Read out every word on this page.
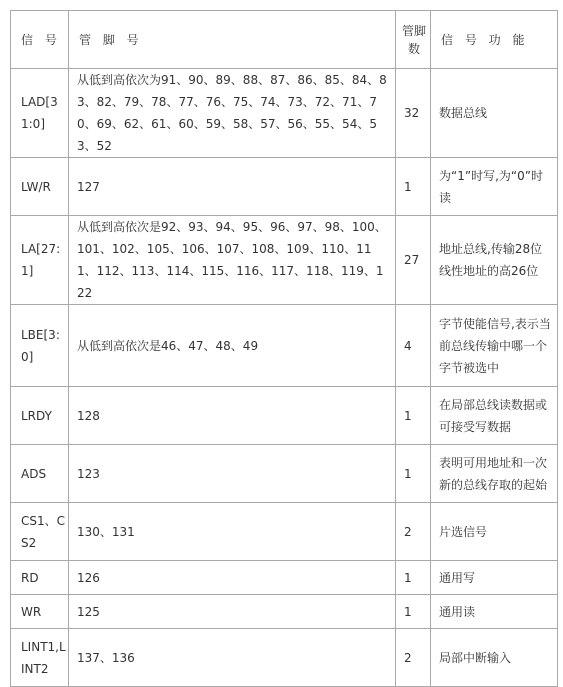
信 号	管 脚 号	管脚数	信 号 功 能
LAD[31:0]	从低到高依次为91、90、89、88、87、86、85、84、83、82、79、78、77、76、75、74、73、72、71、70、69、62、61、60、59、58、57、56、55、54、53、52	32	数据总线
LW/R	127	1	为“1”时写,为“0”时读
LA[27:1]	从低到高依次是92、93、94、95、96、97、98、100、101、102、105、106、107、108、109、110、111、112、113、114、115、116、117、118、119、122	27	地址总线,传输28位线性地址的高26位
LBE[3:0]	从低到高依次是46、47、48、49	4	字节使能信号,表示当前总线传输中哪一个字节被选中
LRDY	128	1	在局部总线读数据或可接受写数据
ADS	123	1	表明可用地址和一次新的总线存取的起始
CS1、CS2	130、131	2	片选信号
RD	126	1	通用写
WR	125	1	通用读
LINT1,LINT2	137、136	2	局部中断输入
